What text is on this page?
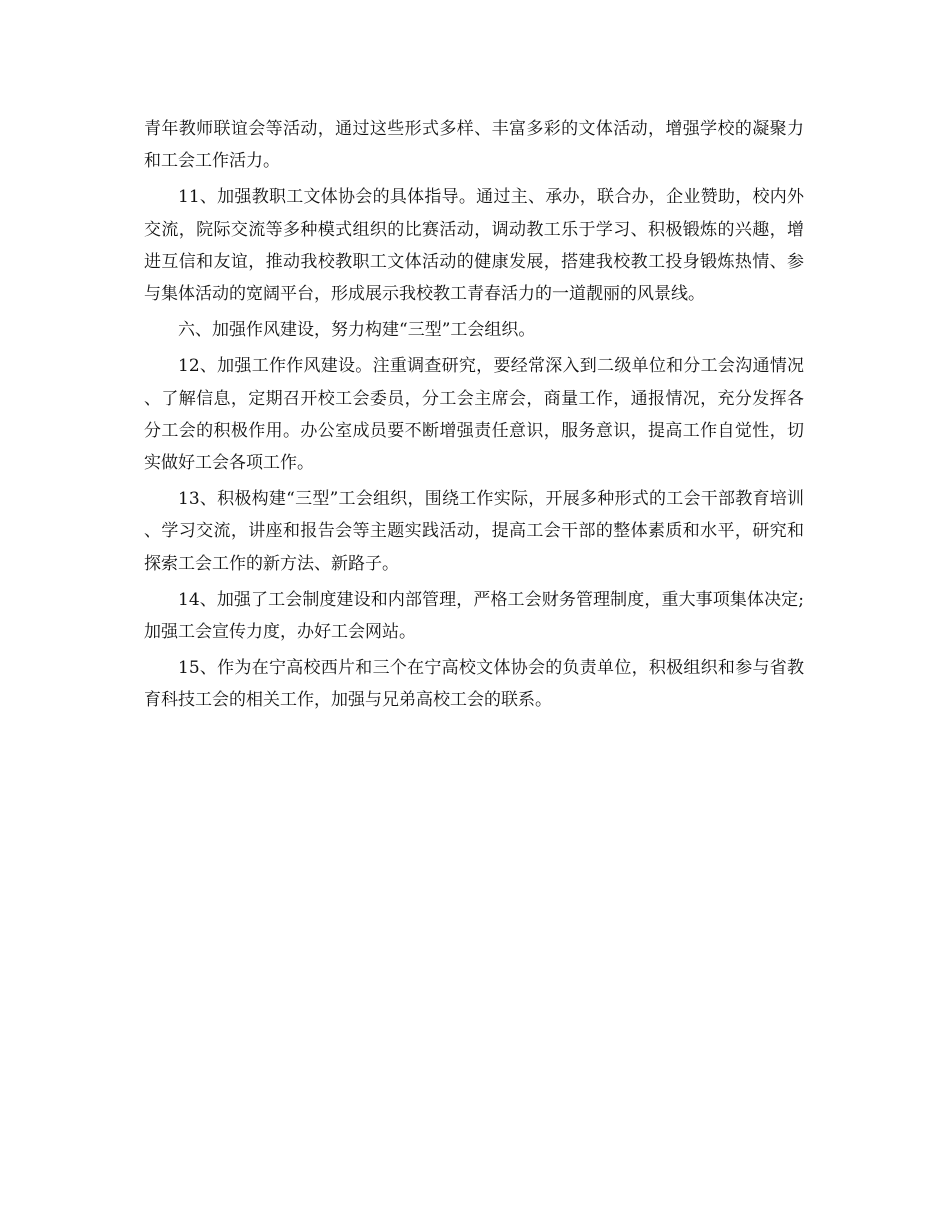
青年教师联谊会等活动，通过这些形式多样、丰富多彩的文体活动，增强学校的凝聚力和工会工作活力。

11、加强教职工文体协会的具体指导。通过主、承办，联合办，企业赞助，校内外交流，院际交流等多种模式组织的比赛活动，调动教工乐于学习、积极锻炼的兴趣，增进互信和友谊，推动我校教职工文体活动的健康发展，搭建我校教工投身锻炼热情、参与集体活动的宽阔平台，形成展示我校教工青春活力的一道靓丽的风景线。

六、加强作风建设，努力构建“三型”工会组织。

12、加强工作作风建设。注重调查研究，要经常深入到二级单位和分工会沟通情况、了解信息，定期召开校工会委员，分工会主席会，商量工作，通报情况，充分发挥各分工会的积极作用。办公室成员要不断增强责任意识，服务意识，提高工作自觉性，切实做好工会各项工作。

13、积极构建“三型”工会组织，围绕工作实际，开展多种形式的工会干部教育培训、学习交流，讲座和报告会等主题实践活动，提高工会干部的整体素质和水平，研究和探索工会工作的新方法、新路子。

14、加强了工会制度建设和内部管理，严格工会财务管理制度，重大事项集体决定;加强工会宣传力度，办好工会网站。

15、作为在宁高校西片和三个在宁高校文体协会的负责单位，积极组织和参与省教育科技工会的相关工作，加强与兄弟高校工会的联系。
